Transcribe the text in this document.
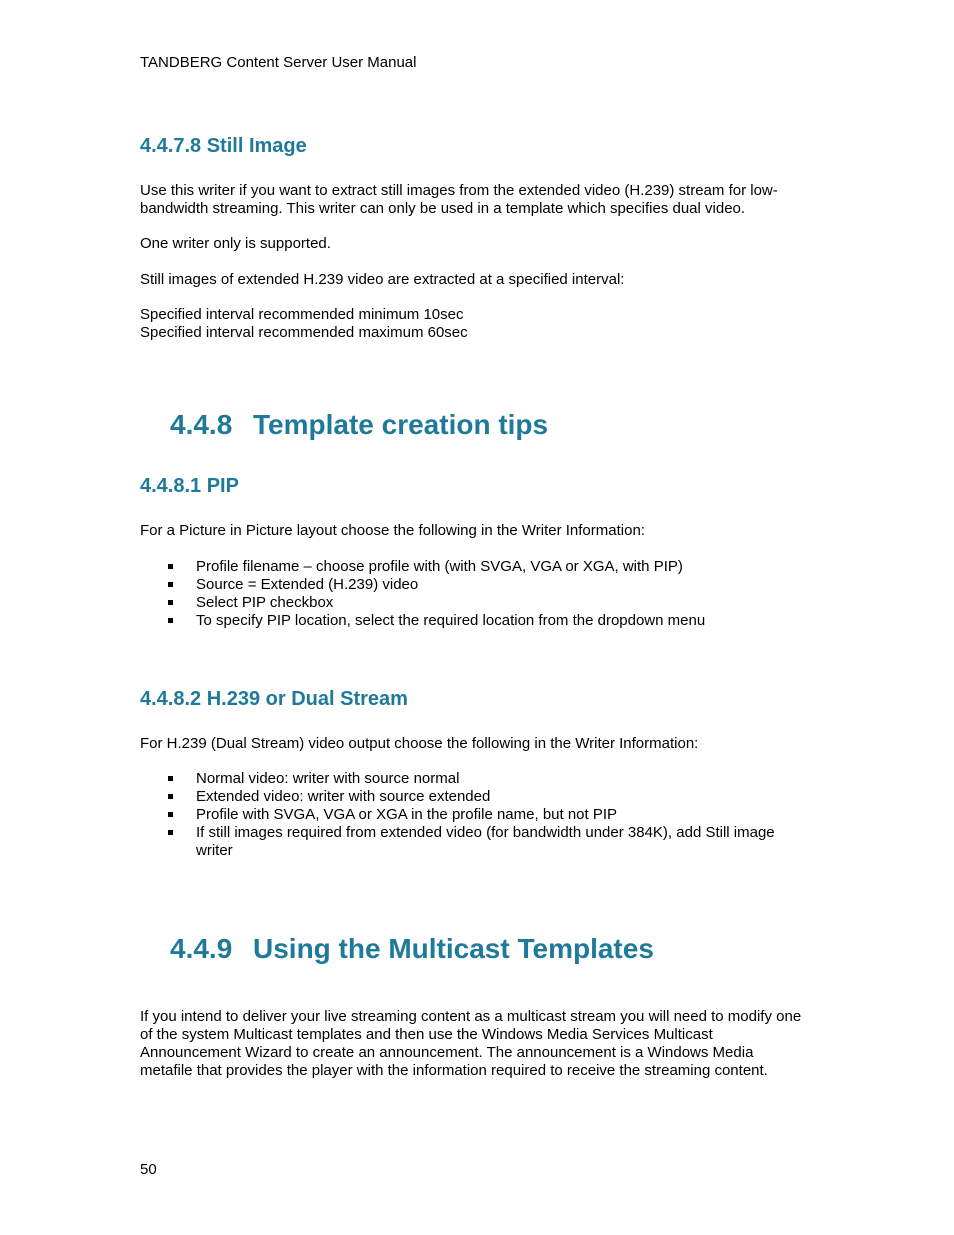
TANDBERG Content Server User Manual
4.4.7.8 Still Image
Use this writer if you want to extract still images from the extended video (H.239) stream for low-bandwidth streaming. This writer can only be used in a template which specifies dual video.
One writer only is supported.
Still images of extended H.239 video are extracted at a specified interval:
Specified interval recommended minimum 10sec
Specified interval recommended maximum 60sec
4.4.8 Template creation tips
4.4.8.1 PIP
For a Picture in Picture layout choose the following in the Writer Information:
Profile filename – choose profile with (with SVGA, VGA or XGA, with PIP)
Source = Extended (H.239) video
Select PIP checkbox
To specify PIP location, select the required location from the dropdown menu
4.4.8.2 H.239 or Dual Stream
For H.239 (Dual Stream) video output choose the following in the Writer Information:
Normal video: writer with source normal
Extended video: writer with source extended
Profile with SVGA, VGA or XGA in the profile name, but not PIP
If still images required from extended video (for bandwidth under 384K), add Still image writer
4.4.9 Using the Multicast Templates
If you intend to deliver your live streaming content as a multicast stream you will need to modify one of the system Multicast templates and then use the Windows Media Services Multicast Announcement Wizard to create an announcement. The announcement is a Windows Media metafile that provides the player with the information required to receive the streaming content.
50
